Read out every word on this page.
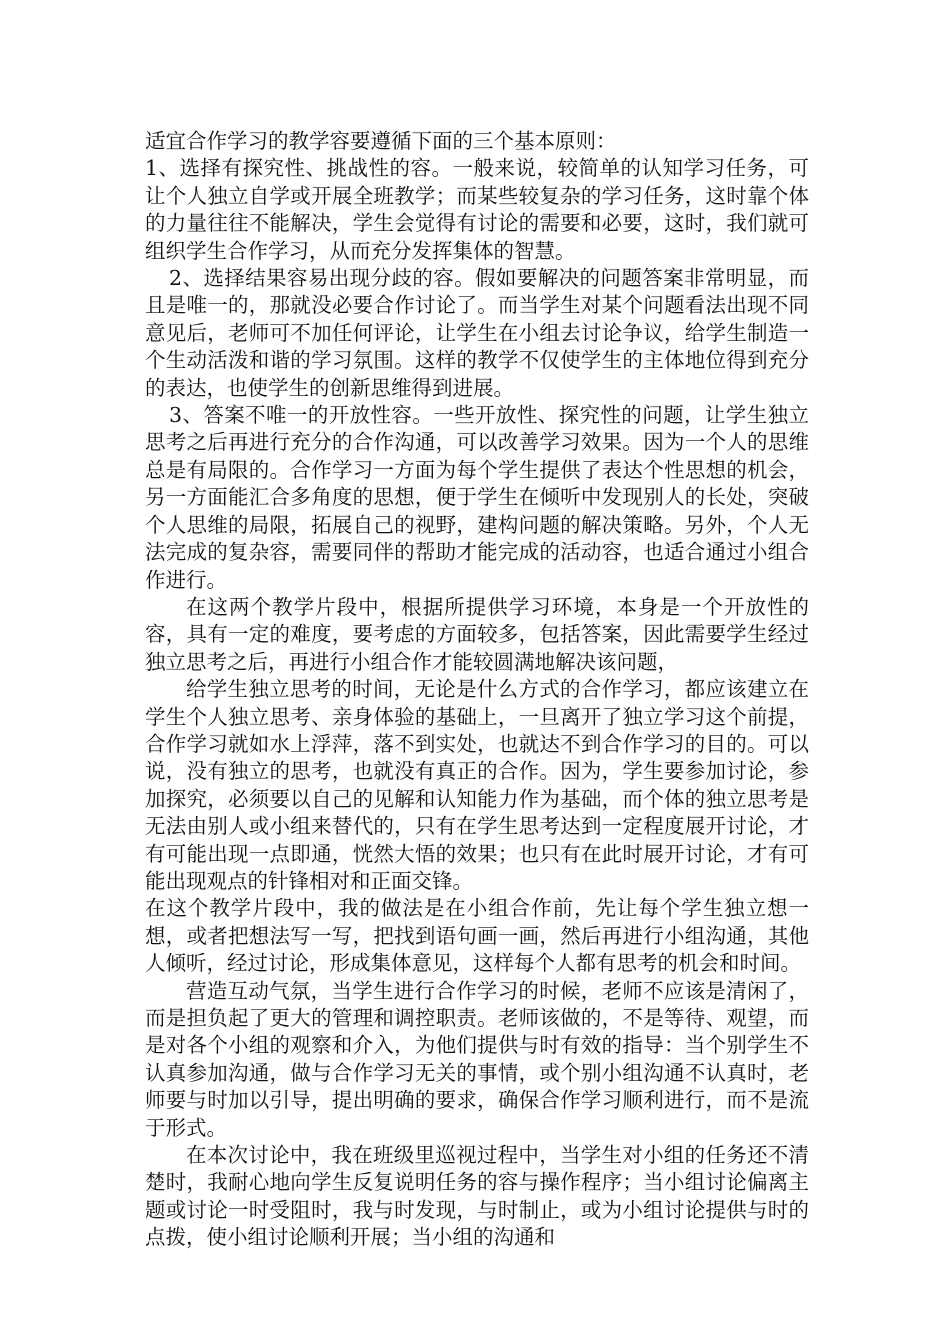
适宜合作学习的教学容要遵循下面的三个基本原则：

1、选择有探究性、挑战性的容。一般来说，较简单的认知学习任务，可让个人独立自学或开展全班教学；而某些较复杂的学习任务，这时靠个体的力量往往不能解决，学生会觉得有讨论的需要和必要，这时，我们就可组织学生合作学习，从而充分发挥集体的智慧。

2、选择结果容易出现分歧的容。假如要解决的问题答案非常明显，而且是唯一的，那就没必要合作讨论了。而当学生对某个问题看法出现不同意见后，老师可不加任何评论，让学生在小组去讨论争议，给学生制造一个生动活泼和谐的学习氛围。这样的教学不仅使学生的主体地位得到充分的表达，也使学生的创新思维得到进展。

3、答案不唯一的开放性容。一些开放性、探究性的问题，让学生独立思考之后再进行充分的合作沟通，可以改善学习效果。因为一个人的思维总是有局限的。合作学习一方面为每个学生提供了表达个性思想的机会，另一方面能汇合多角度的思想，便于学生在倾听中发现别人的长处，突破个人思维的局限，拓展自己的视野，建构问题的解决策略。另外，个人无法完成的复杂容，需要同伴的帮助才能完成的活动容，也适合通过小组合作进行。

在这两个教学片段中，根据所提供学习环境，本身是一个开放性的容，具有一定的难度，要考虑的方面较多，包括答案，因此需要学生经过独立思考之后，再进行小组合作才能较圆满地解决该问题，

给学生独立思考的时间，无论是什么方式的合作学习，都应该建立在学生个人独立思考、亲身体验的基础上，一旦离开了独立学习这个前提，合作学习就如水上浮萍，落不到实处，也就达不到合作学习的目的。可以说，没有独立的思考，也就没有真正的合作。因为，学生要参加讨论，参加探究，必须要以自己的见解和认知能力作为基础，而个体的独立思考是无法由别人或小组来替代的，只有在学生思考达到一定程度展开讨论，才有可能出现一点即通，恍然大悟的效果；也只有在此时展开讨论，才有可能出现观点的针锋相对和正面交锋。

在这个教学片段中，我的做法是在小组合作前，先让每个学生独立想一想，或者把想法写一写，把找到语句画一画，然后再进行小组沟通，其他人倾听，经过讨论，形成集体意见，这样每个人都有思考的机会和时间。

营造互动气氛，当学生进行合作学习的时候，老师不应该是清闲了，而是担负起了更大的管理和调控职责。老师该做的，不是等待、观望，而是对各个小组的观察和介入，为他们提供与时有效的指导：当个别学生不认真参加沟通，做与合作学习无关的事情，或个别小组沟通不认真时，老师要与时加以引导，提出明确的要求，确保合作学习顺利进行，而不是流于形式。

在本次讨论中，我在班级里巡视过程中，当学生对小组的任务还不清楚时，我耐心地向学生反复说明任务的容与操作程序；当小组讨论偏离主题或讨论一时受阻时，我与时发现，与时制止，或为小组讨论提供与时的点拨，使小组讨论顺利开展；当小组的沟通和
